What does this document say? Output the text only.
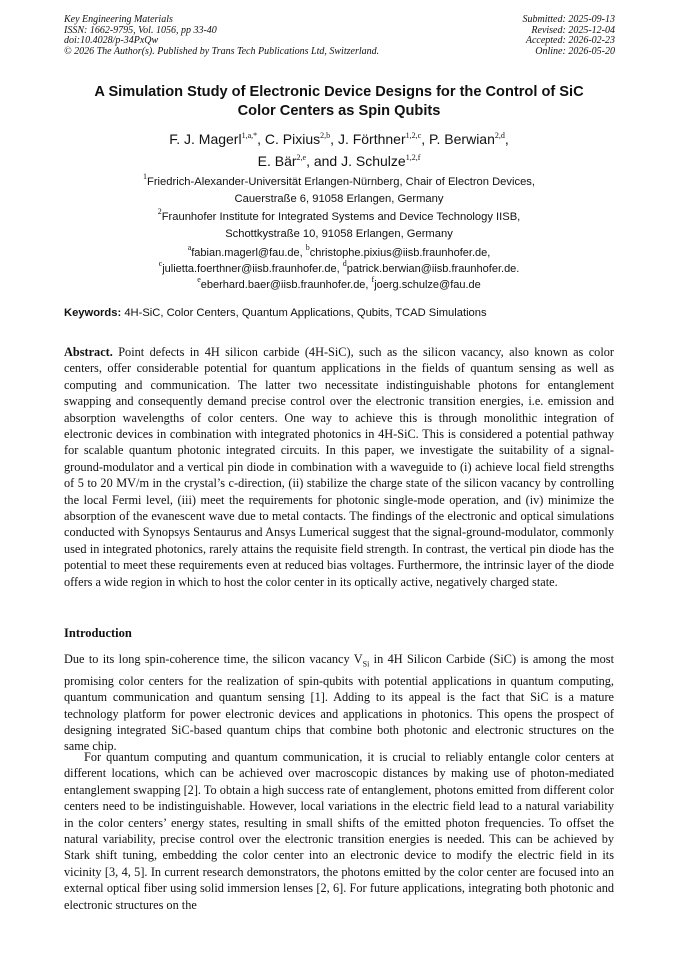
Key Engineering Materials
ISSN: 1662-9795, Vol. 1056, pp 33-40
doi:10.4028/p-34PxQw
© 2026 The Author(s). Published by Trans Tech Publications Ltd, Switzerland.
Submitted: 2025-09-13
Revised: 2025-12-04
Accepted: 2026-02-23
Online: 2026-05-20
A Simulation Study of Electronic Device Designs for the Control of SiC
Color Centers as Spin Qubits
F. J. Magerl$^{1,a,*}$, C. Pixius$^{2,b}$, J. Förthner$^{1,2,c}$, P. Berwian$^{2,d}$,
E. Bär$^{2,e}$, and J. Schulze$^{1,2,f}$
$^1$Friedrich-Alexander-Universität Erlangen-Nürnberg, Chair of Electron Devices,
Cauerstraße 6, 91058 Erlangen, Germany
$^2$Fraunhofer Institute for Integrated Systems and Device Technology IISB,
Schottkystraße 10, 91058 Erlangen, Germany
$^a$fabian.magerl@fau.de, $^b$christophe.pixius@iisb.fraunhofer.de,
$^c$julietta.foerthner@iisb.fraunhofer.de, $^d$patrick.berwian@iisb.fraunhofer.de.
$^e$eberhard.baer@iisb.fraunhofer.de, $^f$joerg.schulze@fau.de
Keywords: 4H-SiC, Color Centers, Quantum Applications, Qubits, TCAD Simulations
Abstract. Point defects in 4H silicon carbide (4H-SiC), such as the silicon vacancy, also known as color centers, offer considerable potential for quantum applications in the fields of quantum sensing as well as computing and communication. The latter two necessitate indistinguishable photons for entanglement swapping and consequently demand precise control over the electronic transition energies, i.e. emission and absorption wavelengths of color centers. One way to achieve this is through monolithic integration of electronic devices in combination with integrated photonics in 4H-SiC. This is considered a potential pathway for scalable quantum photonic integrated circuits. In this paper, we investigate the suitability of a signal-ground-modulator and a vertical pin diode in combination with a waveguide to (i) achieve local field strengths of 5 to 20 MV/m in the crystal’s c-direction, (ii) stabilize the charge state of the silicon vacancy by controlling the local Fermi level, (iii) meet the requirements for photonic single-mode operation, and (iv) minimize the absorption of the evanescent wave due to metal contacts. The findings of the electronic and optical simulations conducted with Synopsys Sentaurus and Ansys Lumerical suggest that the signal-ground-modulator, commonly used in integrated photonics, rarely attains the requisite field strength. In contrast, the vertical pin diode has the potential to meet these requirements even at reduced bias voltages. Furthermore, the intrinsic layer of the diode offers a wide region in which to host the color center in its optically active, negatively charged state.
Introduction
Due to its long spin-coherence time, the silicon vacancy $V_{Si}$ in 4H Silicon Carbide (SiC) is among the most promising color centers for the realization of spin-qubits with potential applications in quantum computing, quantum communication and quantum sensing [1]. Adding to its appeal is the fact that SiC is a mature technology platform for power electronic devices and applications in photonics. This opens the prospect of designing integrated SiC-based quantum chips that combine both photonic and electronic structures on the same chip.
For quantum computing and quantum communication, it is crucial to reliably entangle color centers at different locations, which can be achieved over macroscopic distances by making use of photon-mediated entanglement swapping [2]. To obtain a high success rate of entanglement, photons emitted from different color centers need to be indistinguishable. However, local variations in the electric field lead to a natural variability in the color centers’ energy states, resulting in small shifts of the emitted photon frequencies. To offset the natural variability, precise control over the electronic transition energies is needed. This can be achieved by Stark shift tuning, embedding the color center into an electronic device to modify the electric field in its vicinity [3, 4, 5]. In current research demonstrators, the photons emitted by the color center are focused into an external optical fiber using solid immersion lenses [2, 6]. For future applications, integrating both photonic and electronic structures on the
